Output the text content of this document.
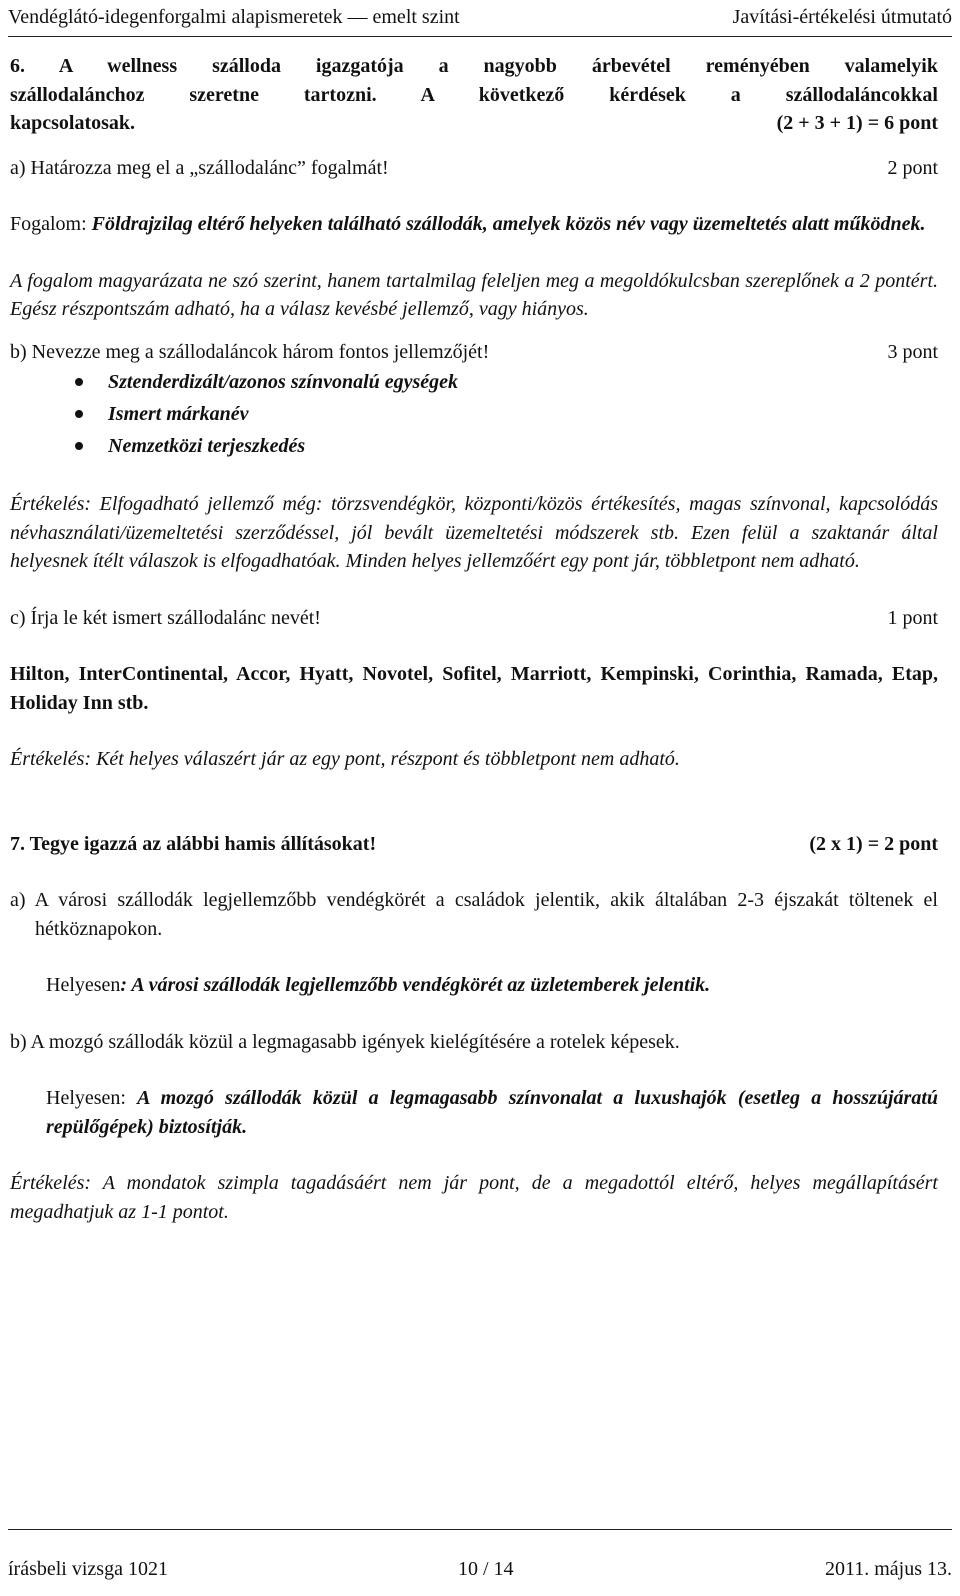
Vendéglátó-idegenforgalmi alapismeretek — emelt szint	Javítási-értékelési útmutató

6. A wellness szálloda igazgatója a nagyobb árbevétel reményében valamelyik

szállodalánchoz szeretne tartozni. A következő kérdések a szállodaláncokkal

kapcsolatosak.	(2 + 3 + 1) = 6 pont
a) Határozza meg el a „szállodalánc” fogalmát!	2 pont

Fogalom: Földrajzilag eltérő helyeken található szállodák, amelyek közös név vagy üzemeltetés alatt működnek.

A fogalom magyarázata ne szó szerint, hanem tartalmilag feleljen meg a megoldókulcsban szereplőnek a 2 pontért. Egész részpontszám adható, ha a válasz kevésbé jellemző, vagy hiányos.

b) Nevezze meg a szállodaláncok három fontos jellemzőjét!	3 pont
Sztenderdizált/azonos színvonalú egységek
Ismert márkanév
Nemzetközi terjeszkedés

Értékelés: Elfogadható jellemző még: törzsvendégkör, központi/közös értékesítés, magas színvonal, kapcsolódás névhasználati/üzemeltetési szerződéssel, jól bevált üzemeltetési módszerek stb. Ezen felül a szaktanár által helyesnek ítélt válaszok is elfogadhatóak. Minden helyes jellemzőért egy pont jár, többletpont nem adható.

c) Írja le két ismert szállodalánc nevét!	1 pont

Hilton, InterContinental, Accor, Hyatt, Novotel, Sofitel, Marriott, Kempinski, Corinthia, Ramada, Etap, Holiday Inn stb.

Értékelés: Két helyes válaszért jár az egy pont, részpont és többletpont nem adható.

7. Tegye igazzá az alábbi hamis állításokat!	(2 x 1) = 2 pont

a) A városi szállodák legjellemzőbb vendégkörét a családok jelentik, akik általában 2-3 éjszakát töltenek el hétköznapokon.

Helyesen: A városi szállodák legjellemzőbb vendégkörét az üzletemberek jelentik.

b) A mozgó szállodák közül a legmagasabb igények kielégítésére a rotelek képesek.

Helyesen: A mozgó szállodák közül a legmagasabb színvonalat a luxushajók (esetleg a hosszújáratú repülőgépek) biztosítják.

Értékelés: A mondatok szimpla tagadásáért nem jár pont, de a megadottól eltérő, helyes megállapításért megadhatjuk az 1-1 pontot.

írásbeli vizsga 1021	10 / 14	2011. május 13.
